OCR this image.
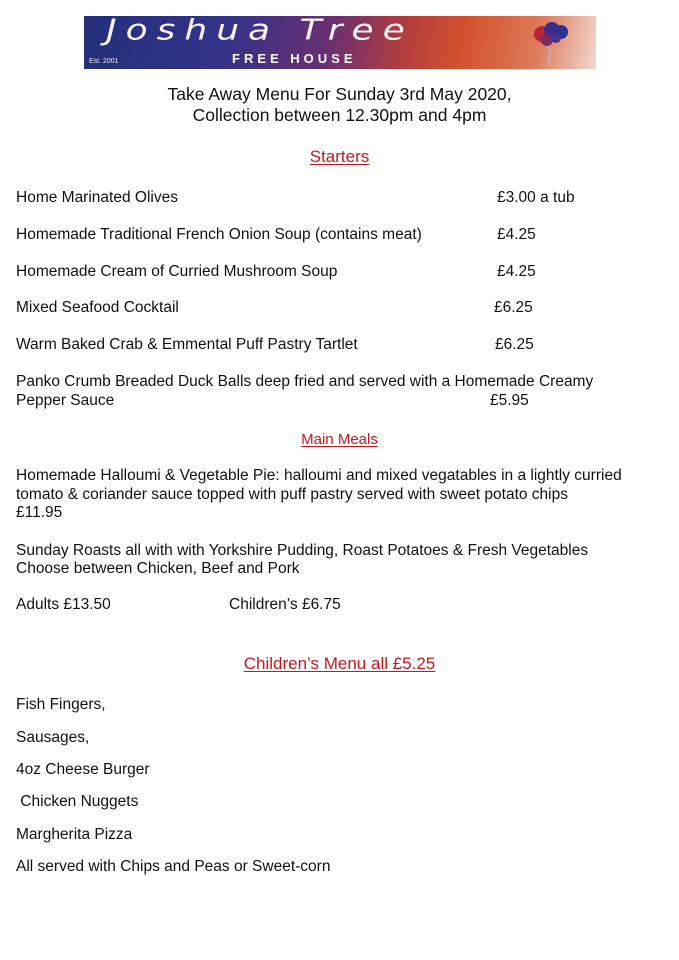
Joshua Tree
FREE HOUSE
Est. 2001
Take Away Menu For Sunday 3rd May 2020,
Collection between 12.30pm and 4pm
Starters
Home Marinated Olives	£3.00 a tub
Homemade Traditional French Onion Soup (contains meat)	£4.25
Homemade Cream of Curried Mushroom Soup	£4.25
Mixed Seafood Cocktail	£6.25
Warm Baked Crab & Emmental Puff Pastry Tartlet	£6.25
Panko Crumb Breaded Duck Balls deep fried and served with a Homemade Creamy
Pepper Sauce	£5.95
Main Meals
Homemade Halloumi & Vegetable Pie: halloumi and mixed vegatables in a lightly curried
tomato & coriander sauce topped with puff pastry served with sweet potato chips
£11.95
Sunday Roasts all with with Yorkshire Pudding, Roast Potatoes & Fresh Vegetables
Choose between Chicken, Beef and Pork
Adults £13.50	Children’s £6.75
Children’s Menu all £5.25
Fish Fingers,
Sausages,
4oz Cheese Burger
Chicken Nuggets
Margherita Pizza
All served with Chips and Peas or Sweet-corn
